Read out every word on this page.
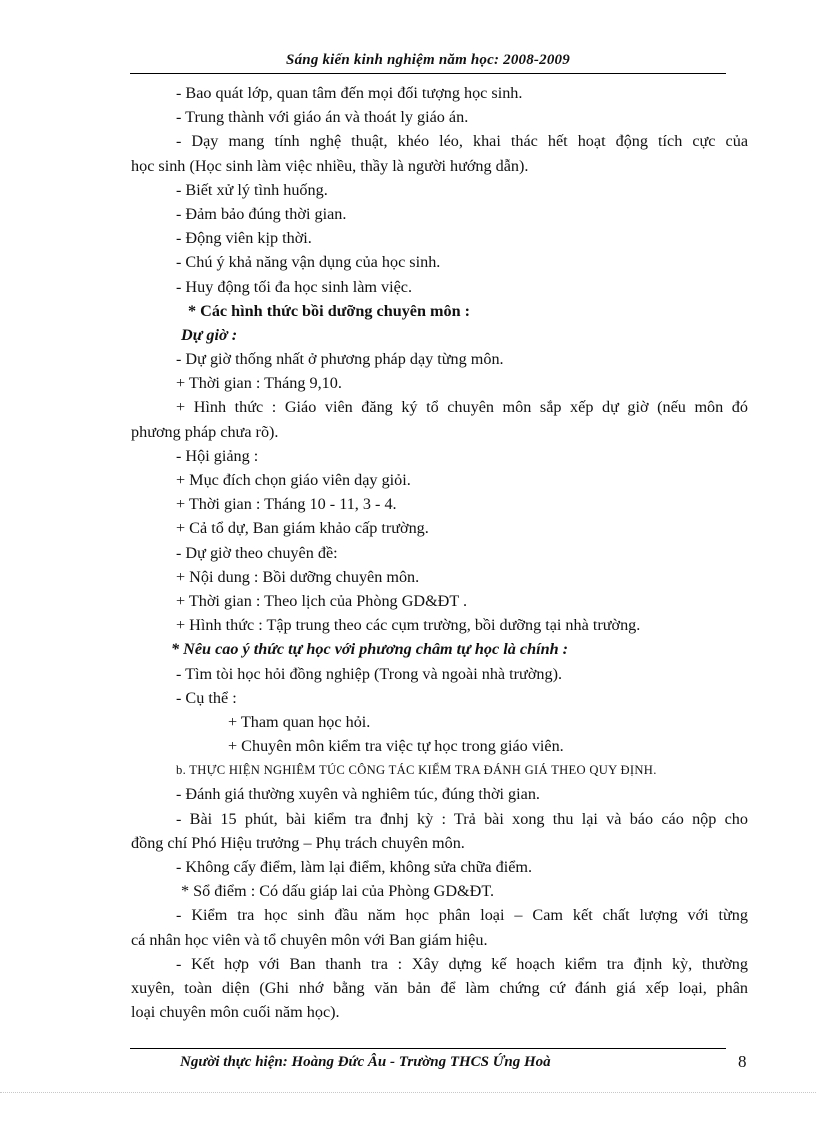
Sáng kiến kinh nghiệm năm học: 2008-2009
- Bao quát lớp, quan tâm đến mọi đối tượng học sinh.
- Trung thành với giáo án và thoát ly giáo án.
- Dạy mang tính nghệ thuật, khéo léo, khai thác hết hoạt động tích cực của
học sinh (Học sinh làm việc nhiều, thầy là người hướng dẫn).
- Biết xử lý tình huống.
- Đảm bảo đúng thời gian.
- Động viên kịp thời.
- Chú ý khả năng vận dụng của học sinh.
- Huy động tối đa học sinh làm việc.
* Các hình thức bồi dưỡng chuyên môn :
Dự giờ :
- Dự giờ thống nhất ở phương pháp dạy từng môn.
+ Thời gian : Tháng 9,10.
+ Hình thức : Giáo viên đăng ký tổ chuyên môn sắp xếp dự giờ (nếu môn đó
phương pháp chưa rõ).
- Hội giảng :
+ Mục đích chọn giáo viên dạy giỏi.
+ Thời gian : Tháng 10 - 11, 3 - 4.
+ Cả tổ dự, Ban giám khảo cấp trường.
- Dự giờ theo chuyên đề:
+ Nội dung : Bồi dưỡng chuyên môn.
+ Thời gian : Theo lịch của Phòng GD&ĐT .
+ Hình thức : Tập trung theo các cụm trường, bồi dưỡng tại nhà trường.
* Nêu cao ý thức tự học với phương châm tự học là chính :
- Tìm tòi học hỏi đồng nghiệp (Trong và ngoài nhà trường).
- Cụ thể :
+ Tham quan học hỏi.
+ Chuyên môn kiểm tra việc tự học trong giáo viên.
b. THỰC HIỆN NGHIÊM TÚC CÔNG TÁC KIỂM TRA ĐÁNH GIÁ THEO QUY ĐỊNH.
- Đánh giá thường xuyên và nghiêm túc, đúng thời gian.
- Bài 15 phút, bài kiểm tra đnhj kỳ : Trả bài xong thu lại và báo cáo nộp cho
đồng chí Phó Hiệu trưởng – Phụ trách chuyên môn.
- Không cấy điểm, làm lại điểm, không sửa chữa điểm.
* Sổ điểm : Có dấu giáp lai của Phòng GD&ĐT.
- Kiểm tra học sinh đầu năm học phân loại – Cam kết chất lượng với từng
cá nhân học viên và tổ chuyên môn với Ban giám hiệu.
- Kết hợp với Ban thanh tra : Xây dựng kế hoạch kiểm tra định kỳ, thường
xuyên, toàn diện (Ghi nhớ bằng văn bản để làm chứng cứ đánh giá xếp loại, phân
loại chuyên môn cuối năm học).
Người thực hiện: Hoàng Đức Âu - Trường THCS Ứng Hoà	8
